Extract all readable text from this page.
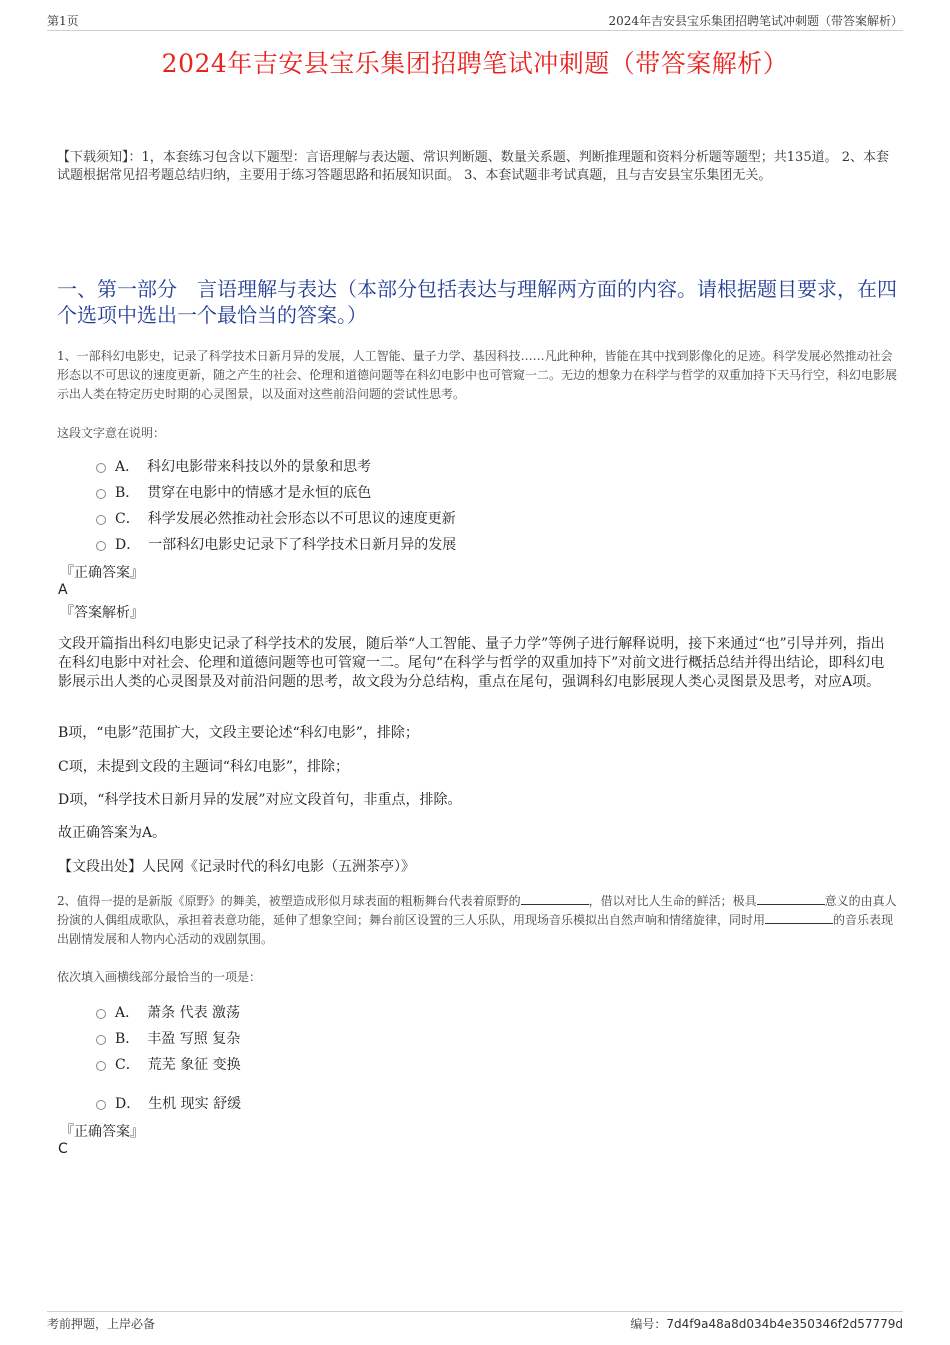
第1页	2024年吉安县宝乐集团招聘笔试冲刺题（带答案解析）
2024年吉安县宝乐集团招聘笔试冲刺题（带答案解析）
【下载须知】：1，本套练习包含以下题型：言语理解与表达题、常识判断题、数量关系题、判断推理题和资料分析题等题型；共135道。 2、本套试题根据常见招考题总结归纳，主要用于练习答题思路和拓展知识面。 3、本套试题非考试真题，且与吉安县宝乐集团无关。
一、第一部分　言语理解与表达（本部分包括表达与理解两方面的内容。请根据题目要求，在四个选项中选出一个最恰当的答案。）
1、一部科幻电影史，记录了科学技术日新月异的发展，人工智能、量子力学、基因科技……凡此种种，皆能在其中找到影像化的足迹。科学发展必然推动社会形态以不可思议的速度更新，随之产生的社会、伦理和道德问题等在科幻电影中也可管窥一二。无边的想象力在科学与哲学的双重加持下天马行空，科幻电影展示出人类在特定历史时期的心灵图景，以及面对这些前沿问题的尝试性思考。
这段文字意在说明：
A． 科幻电影带来科技以外的景象和思考
B． 贯穿在电影中的情感才是永恒的底色
C． 科学发展必然推动社会形态以不可思议的速度更新
D． 一部科幻电影史记录下了科学技术日新月异的发展
『正确答案』
A
『答案解析』
文段开篇指出科幻电影史记录了科学技术的发展，随后举“人工智能、量子力学”等例子进行解释说明，接下来通过“也”引导并列，指出在科幻电影中对社会、伦理和道德问题等也可管窥一二。尾句“在科学与哲学的双重加持下”对前文进行概括总结并得出结论，即科幻电影展示出人类的心灵图景及对前沿问题的思考，故文段为分总结构，重点在尾句，强调科幻电影展现人类心灵图景及思考，对应A项。
B项，“电影”范围扩大，文段主要论述“科幻电影”，排除；
C项，未提到文段的主题词“科幻电影”，排除；
D项，“科学技术日新月异的发展”对应文段首句，非重点，排除。
故正确答案为A。
【文段出处】人民网《记录时代的科幻电影（五洲茶亭）》
2、值得一提的是新版《原野》的舞美，被塑造成形似月球表面的粗粝舞台代表着原野的	，借以对比人生命的鲜活；极具	意义的由真人扮演的人偶组成歌队，承担着表意功能，延伸了想象空间；舞台前区设置的三人乐队，用现场音乐模拟出自然声响和情绪旋律，同时用	的音乐表现出剧情发展和人物内心活动的戏剧氛围。
依次填入画横线部分最恰当的一项是：
A． 萧条 代表 激荡
B． 丰盈 写照 复杂
C． 荒芜 象征 变换
D． 生机 现实 舒缓
『正确答案』
C
考前押题，上岸必备	编号：7d4f9a48a8d034b4e350346f2d57779d
